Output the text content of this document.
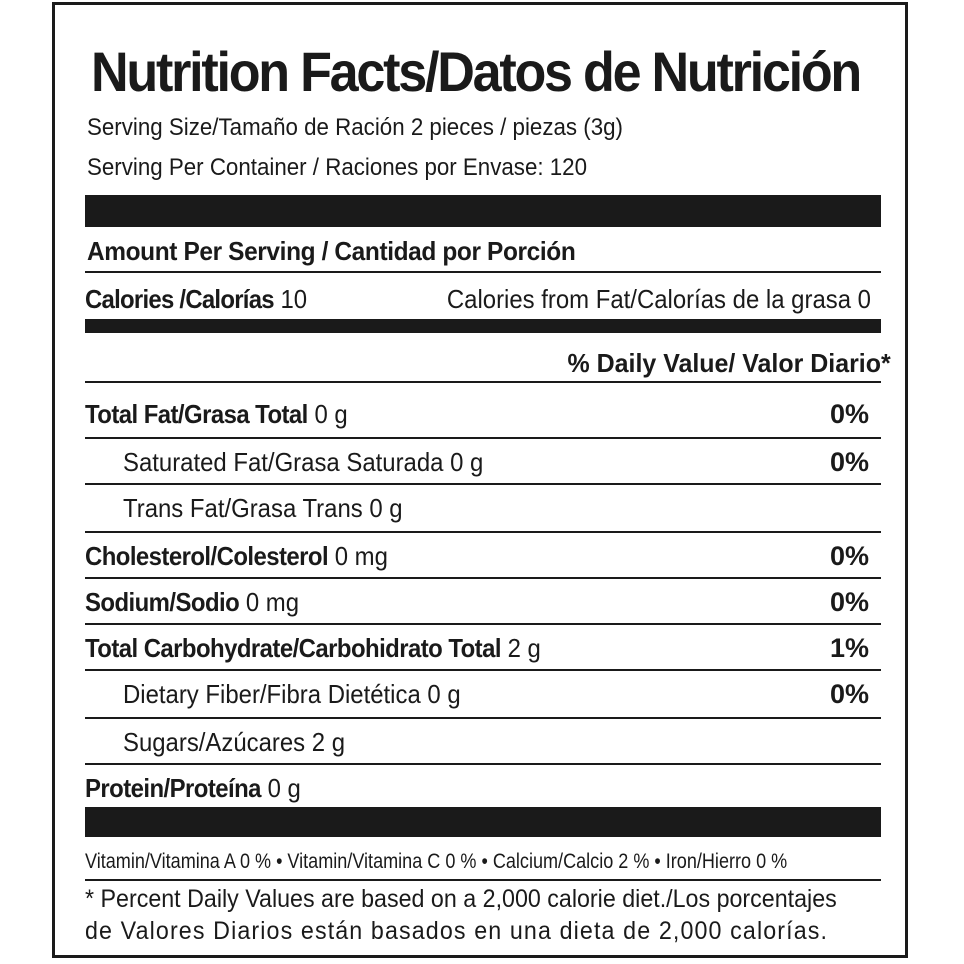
Nutrition Facts/Datos de Nutrición
Serving Size/Tamaño de Ración 2 pieces / piezas (3g)
Serving Per Container / Raciones por Envase: 120
Amount Per Serving / Cantidad por Porción
Calories /Calorías 10	Calories from Fat/Calorías de la grasa 0
% Daily Value/ Valor Diario*
Total Fat/Grasa Total 0 g	0%
Saturated Fat/Grasa Saturada 0 g	0%
Trans Fat/Grasa Trans 0 g
Cholesterol/Colesterol 0 mg	0%
Sodium/Sodio 0 mg	0%
Total Carbohydrate/Carbohidrato Total 2 g	1%
Dietary Fiber/Fibra Dietética 0 g	0%
Sugars/Azúcares 2 g
Protein/Proteína 0 g
Vitamin/Vitamina A 0 % • Vitamin/Vitamina C 0 % • Calcium/Calcio 2 % • Iron/Hierro 0 %
* Percent Daily Values are based on a 2,000 calorie diet./Los porcentajes
de Valores Diarios están basados en una dieta de 2,000 calorías.
